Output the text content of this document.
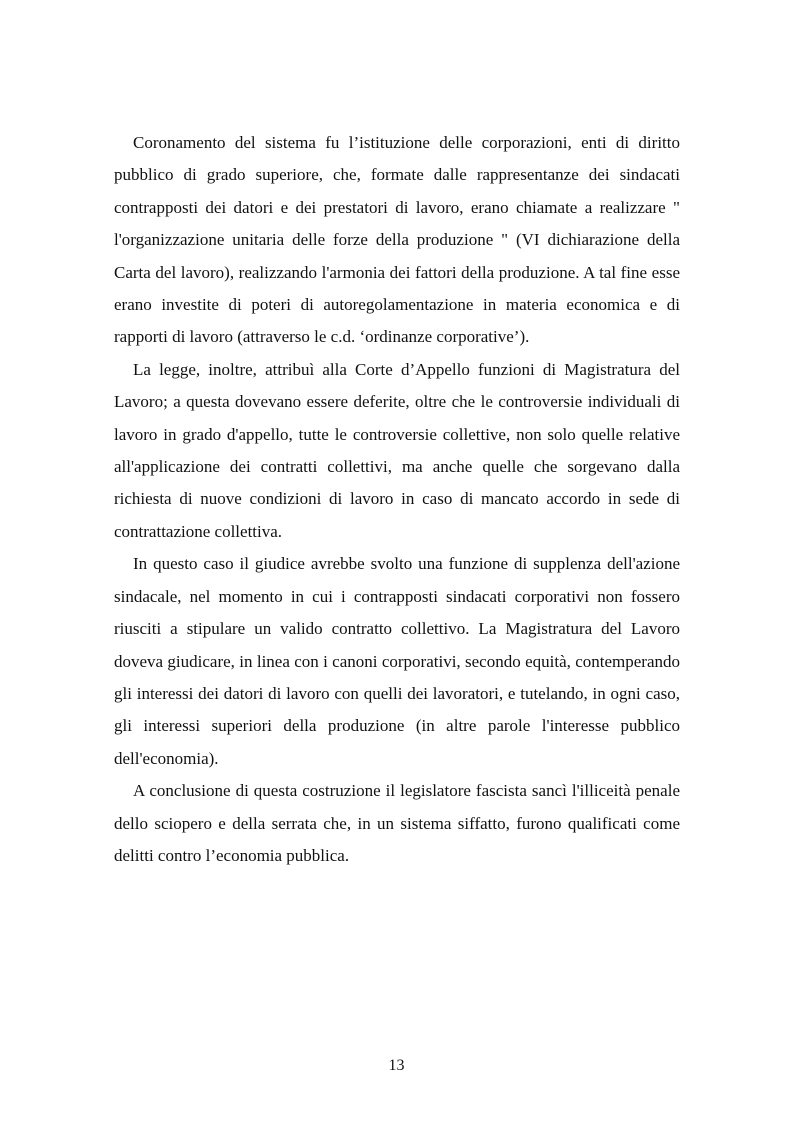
Coronamento del sistema fu l’istituzione delle corporazioni, enti di diritto pubblico di grado superiore, che, formate dalle rappresentanze dei sindacati contrapposti dei datori e dei prestatori di lavoro, erano chiamate a realizzare " l'organizzazione unitaria delle forze della produzione " (VI dichiarazione della Carta del lavoro), realizzando l'armonia dei fattori della produzione. A tal fine esse erano investite di poteri di autoregolamentazione in materia economica e di rapporti di lavoro (attraverso le c.d. ‘ordinanze corporative’).

La legge, inoltre, attribuì alla Corte d’Appello funzioni di Magistratura del Lavoro; a questa dovevano essere deferite, oltre che le controversie individuali di lavoro in grado d'appello, tutte le controversie collettive, non solo quelle relative all'applicazione dei contratti collettivi, ma anche quelle che sorgevano dalla richiesta di nuove condizioni di lavoro in caso di mancato accordo in sede di contrattazione collettiva.

In questo caso il giudice avrebbe svolto una funzione di supplenza dell'azione sindacale, nel momento in cui i contrapposti sindacati corporativi non fossero riusciti a stipulare un valido contratto collettivo. La Magistratura del Lavoro doveva giudicare, in linea con i canoni corporativi, secondo equità, contemperando gli interessi dei datori di lavoro con quelli dei lavoratori, e tutelando, in ogni caso, gli interessi superiori della produzione (in altre parole l'interesse pubblico dell'economia).

A conclusione di questa costruzione il legislatore fascista sancì l'illiceità penale dello sciopero e della serrata che, in un sistema siffatto, furono qualificati come delitti contro l’economia pubblica.

13
